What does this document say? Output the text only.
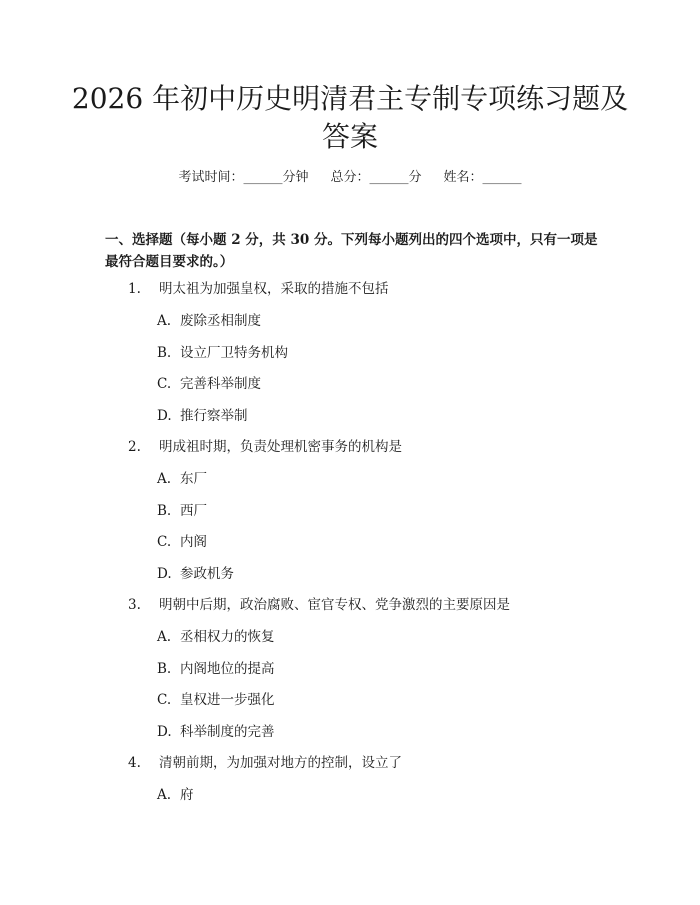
2026 年初中历史明清君主专制专项练习题及答案
考试时间：______分钟 总分：______分 姓名：______

一、选择题（每小题 2 分，共 30 分。下列每小题列出的四个选项中，只有一项是最符合题目要求的。）

1. 明太祖为加强皇权，采取的措施不包括
A. 废除丞相制度
B. 设立厂卫特务机构
C. 完善科举制度
D. 推行察举制
2. 明成祖时期，负责处理机密事务的机构是
A. 东厂
B. 西厂
C. 内阁
D. 参政机务
3. 明朝中后期，政治腐败、宦官专权、党争激烈的主要原因是
A. 丞相权力的恢复
B. 内阁地位的提高
C. 皇权进一步强化
D. 科举制度的完善
4. 清朝前期，为加强对地方的控制，设立了
A. 府
